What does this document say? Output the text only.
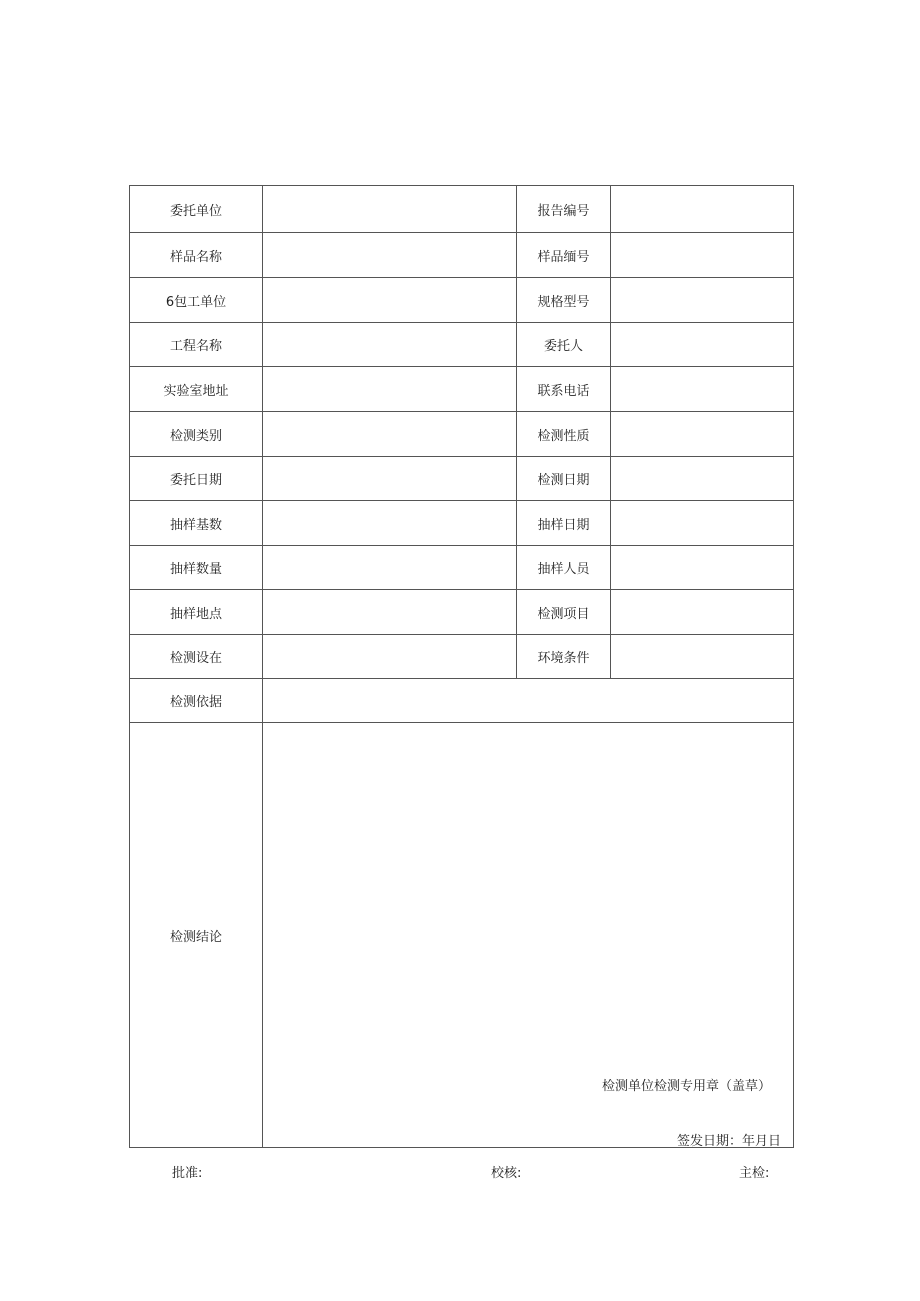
委托单位		报告编号	
样品名称		样品缅号	
6包工单位		规格型号	
工程名称		委托人	
实验室地址		联系电话	
检测类别		检测性质	
委托日期		检测日期	
抽样基数		抽样日期	
抽样数量		抽样人员	
抽样地点		检测项目	
检测设在		环境条件	
检测依据			
检测结论	检测单位检测专用章（盖草）
签发日期：年月日		
批准:	校核:	主检:
